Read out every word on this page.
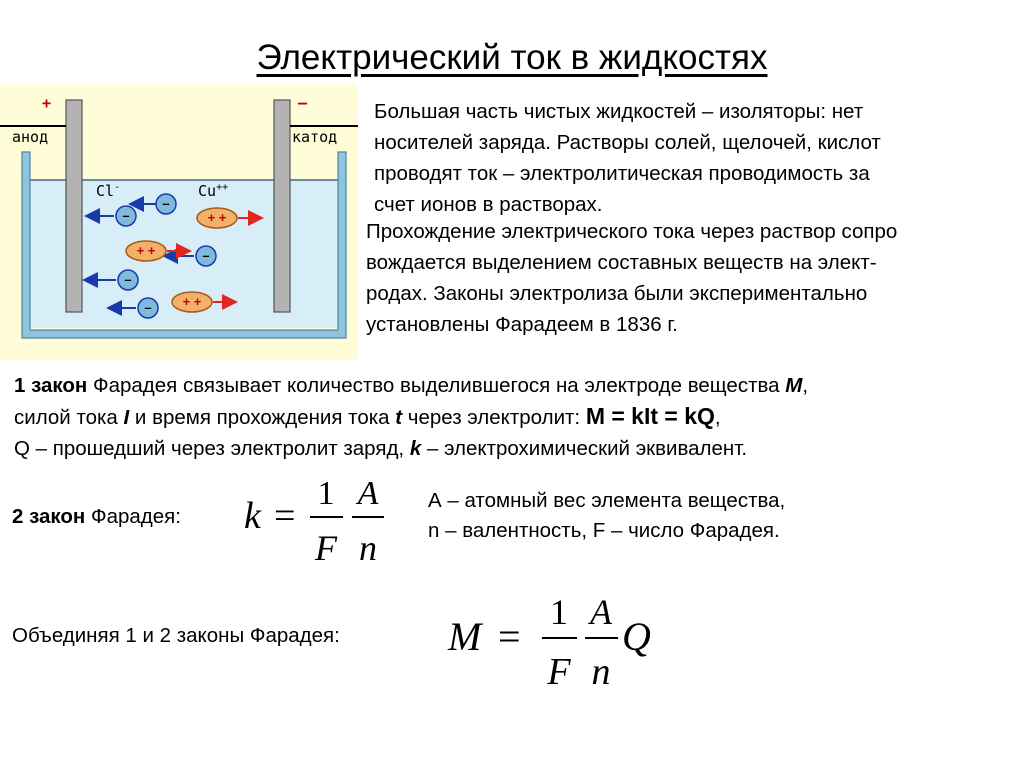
Электрический ток в жидкостях
+
анод
–
катод
Cl-	Cu++
–
–
–
–
–
+ +
+ +
+ +
Большая часть чистых жидкостей – изоляторы: нет
носителей заряда. Растворы солей, щелочей, кислот
проводят ток – электролитическая проводимость за
счет ионов в растворах.
Прохождение электрического тока через раствор сопро
вождается выделением составных веществ на элект-
родах. Законы электролиза были экспериментально
установлены Фарадеем в 1836 г.
1 закон Фарадея связывает количество выделившегося на электроде вещества M,
силой тока I и время прохождения тока t через электролит: M = kIt = kQ,
Q – прошедший через электролит заряд, k – электрохимический эквивалент.
2 закон Фарадея: k =
1
F
A
n
А – атомный вес элемента вещества,
n – валентность, F – число Фарадея.
Объединяя 1 и 2 законы Фарадея:	M =
1
F
A
n
Q
